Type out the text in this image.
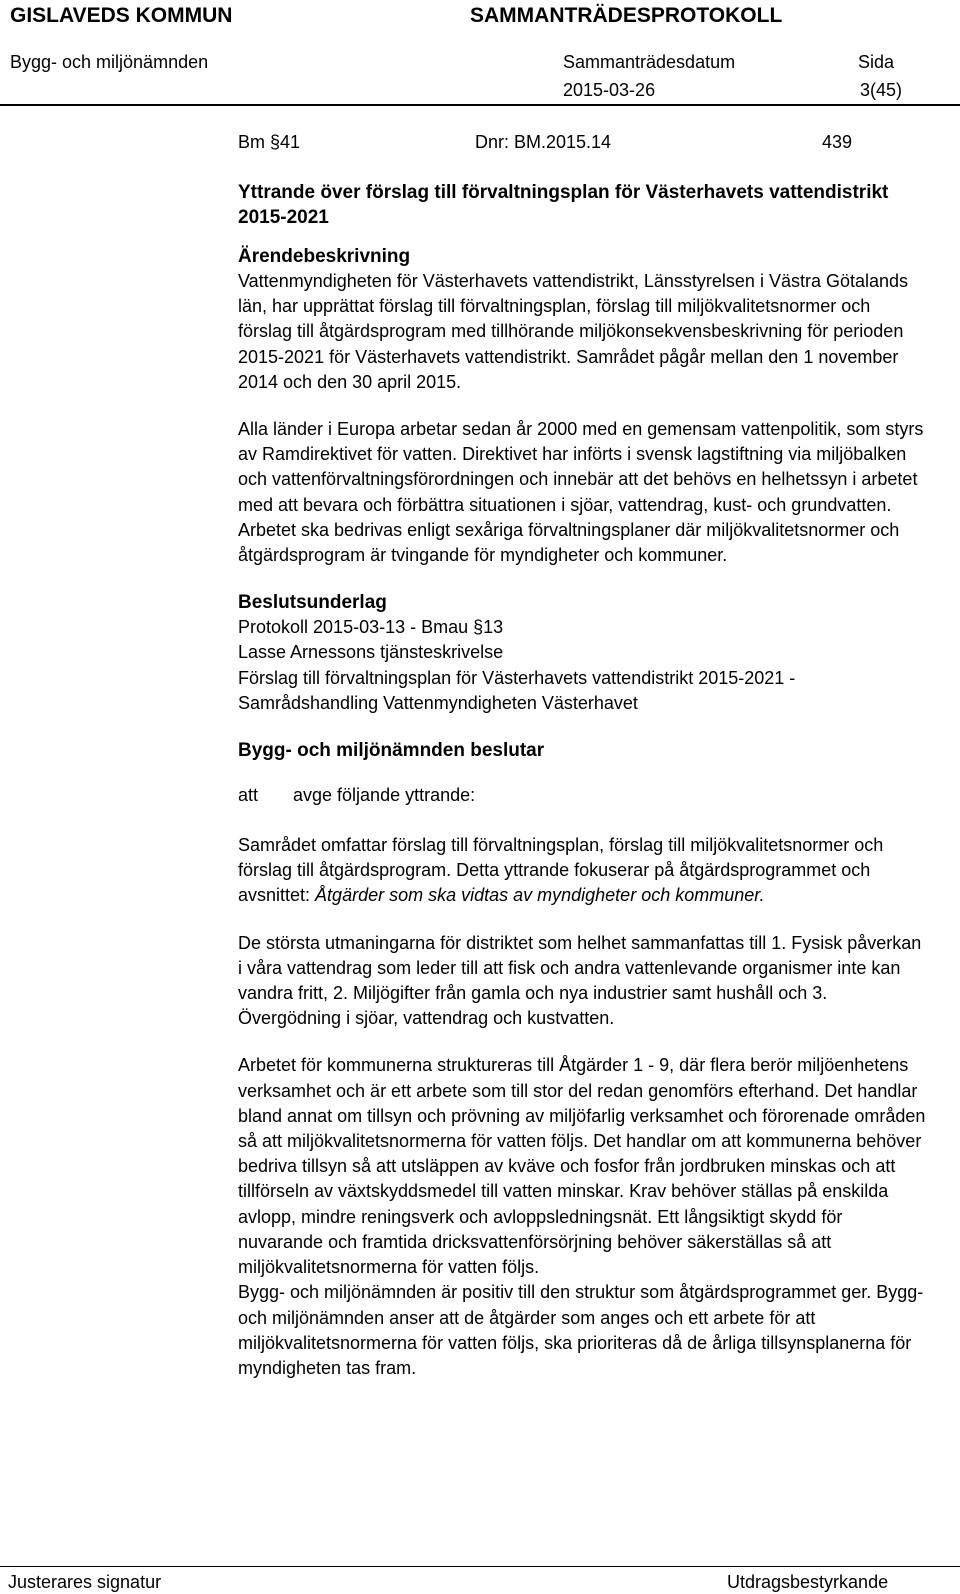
GISLAVEDS KOMMUN	SAMMANTRÄDESPROTOKOLL
Bygg- och miljönämnden	Sammanträdesdatum	Sida
2015-03-26	3(45)
Bm §41	Dnr: BM.2015.14	439
Yttrande över förslag till förvaltningsplan för Västerhavets vattendistrikt 2015-2021
Ärendebeskrivning

Vattenmyndigheten för Västerhavets vattendistrikt, Länsstyrelsen i Västra Götalands län, har upprättat förslag till förvaltningsplan, förslag till miljökvalitetsnormer och förslag till åtgärdsprogram med tillhörande miljökonsekvensbeskrivning för perioden 2015-2021 för Västerhavets vattendistrikt. Samrådet pågår mellan den 1 november 2014 och den 30 april 2015.

Alla länder i Europa arbetar sedan år 2000 med en gemensam vattenpolitik, som styrs av Ramdirektivet för vatten. Direktivet har införts i svensk lagstiftning via miljöbalken och vattenförvaltningsförordningen och innebär att det behövs en helhetssyn i arbetet med att bevara och förbättra situationen i sjöar, vattendrag, kust- och grundvatten. Arbetet ska bedrivas enligt sexåriga förvaltningsplaner där miljökvalitetsnormer och åtgärdsprogram är tvingande för myndigheter och kommuner.

Beslutsunderlag

Protokoll 2015-03-13 - Bmau §13

Lasse Arnessons tjänsteskrivelse

Förslag till förvaltningsplan för Västerhavets vattendistrikt 2015-2021 -

Samrådshandling Vattenmyndigheten Västerhavet

Bygg- och miljönämnden beslutar
att avge följande yttrande:

Samrådet omfattar förslag till förvaltningsplan, förslag till miljökvalitetsnormer och förslag till åtgärdsprogram. Detta yttrande fokuserar på åtgärdsprogrammet och avsnittet: Åtgärder som ska vidtas av myndigheter och kommuner.

De största utmaningarna för distriktet som helhet sammanfattas till 1. Fysisk påverkan i våra vattendrag som leder till att fisk och andra vattenlevande organismer inte kan vandra fritt, 2. Miljögifter från gamla och nya industrier samt hushåll och 3. Övergödning i sjöar, vattendrag och kustvatten.

Arbetet för kommunerna struktureras till Åtgärder 1 - 9, där flera berör miljöenhetens verksamhet och är ett arbete som till stor del redan genomförs efterhand. Det handlar bland annat om tillsyn och prövning av miljöfarlig verksamhet och förorenade områden så att miljökvalitetsnormerna för vatten följs. Det handlar om att kommunerna behöver bedriva tillsyn så att utsläppen av kväve och fosfor från jordbruken minskas och att tillförseln av växtskyddsmedel till vatten minskar. Krav behöver ställas på enskilda avlopp, mindre reningsverk och avloppsledningsnät. Ett långsiktigt skydd för nuvarande och framtida dricksvattenförsörjning behöver säkerställas så att miljökvalitetsnormerna för vatten följs.

Bygg- och miljönämnden är positiv till den struktur som åtgärdsprogrammet ger. Bygg- och miljönämnden anser att de åtgärder som anges och ett arbete för att miljökvalitetsnormerna för vatten följs, ska prioriteras då de årliga tillsynsplanerna för myndigheten tas fram.

Justerares signatur	Utdragsbestyrkande
